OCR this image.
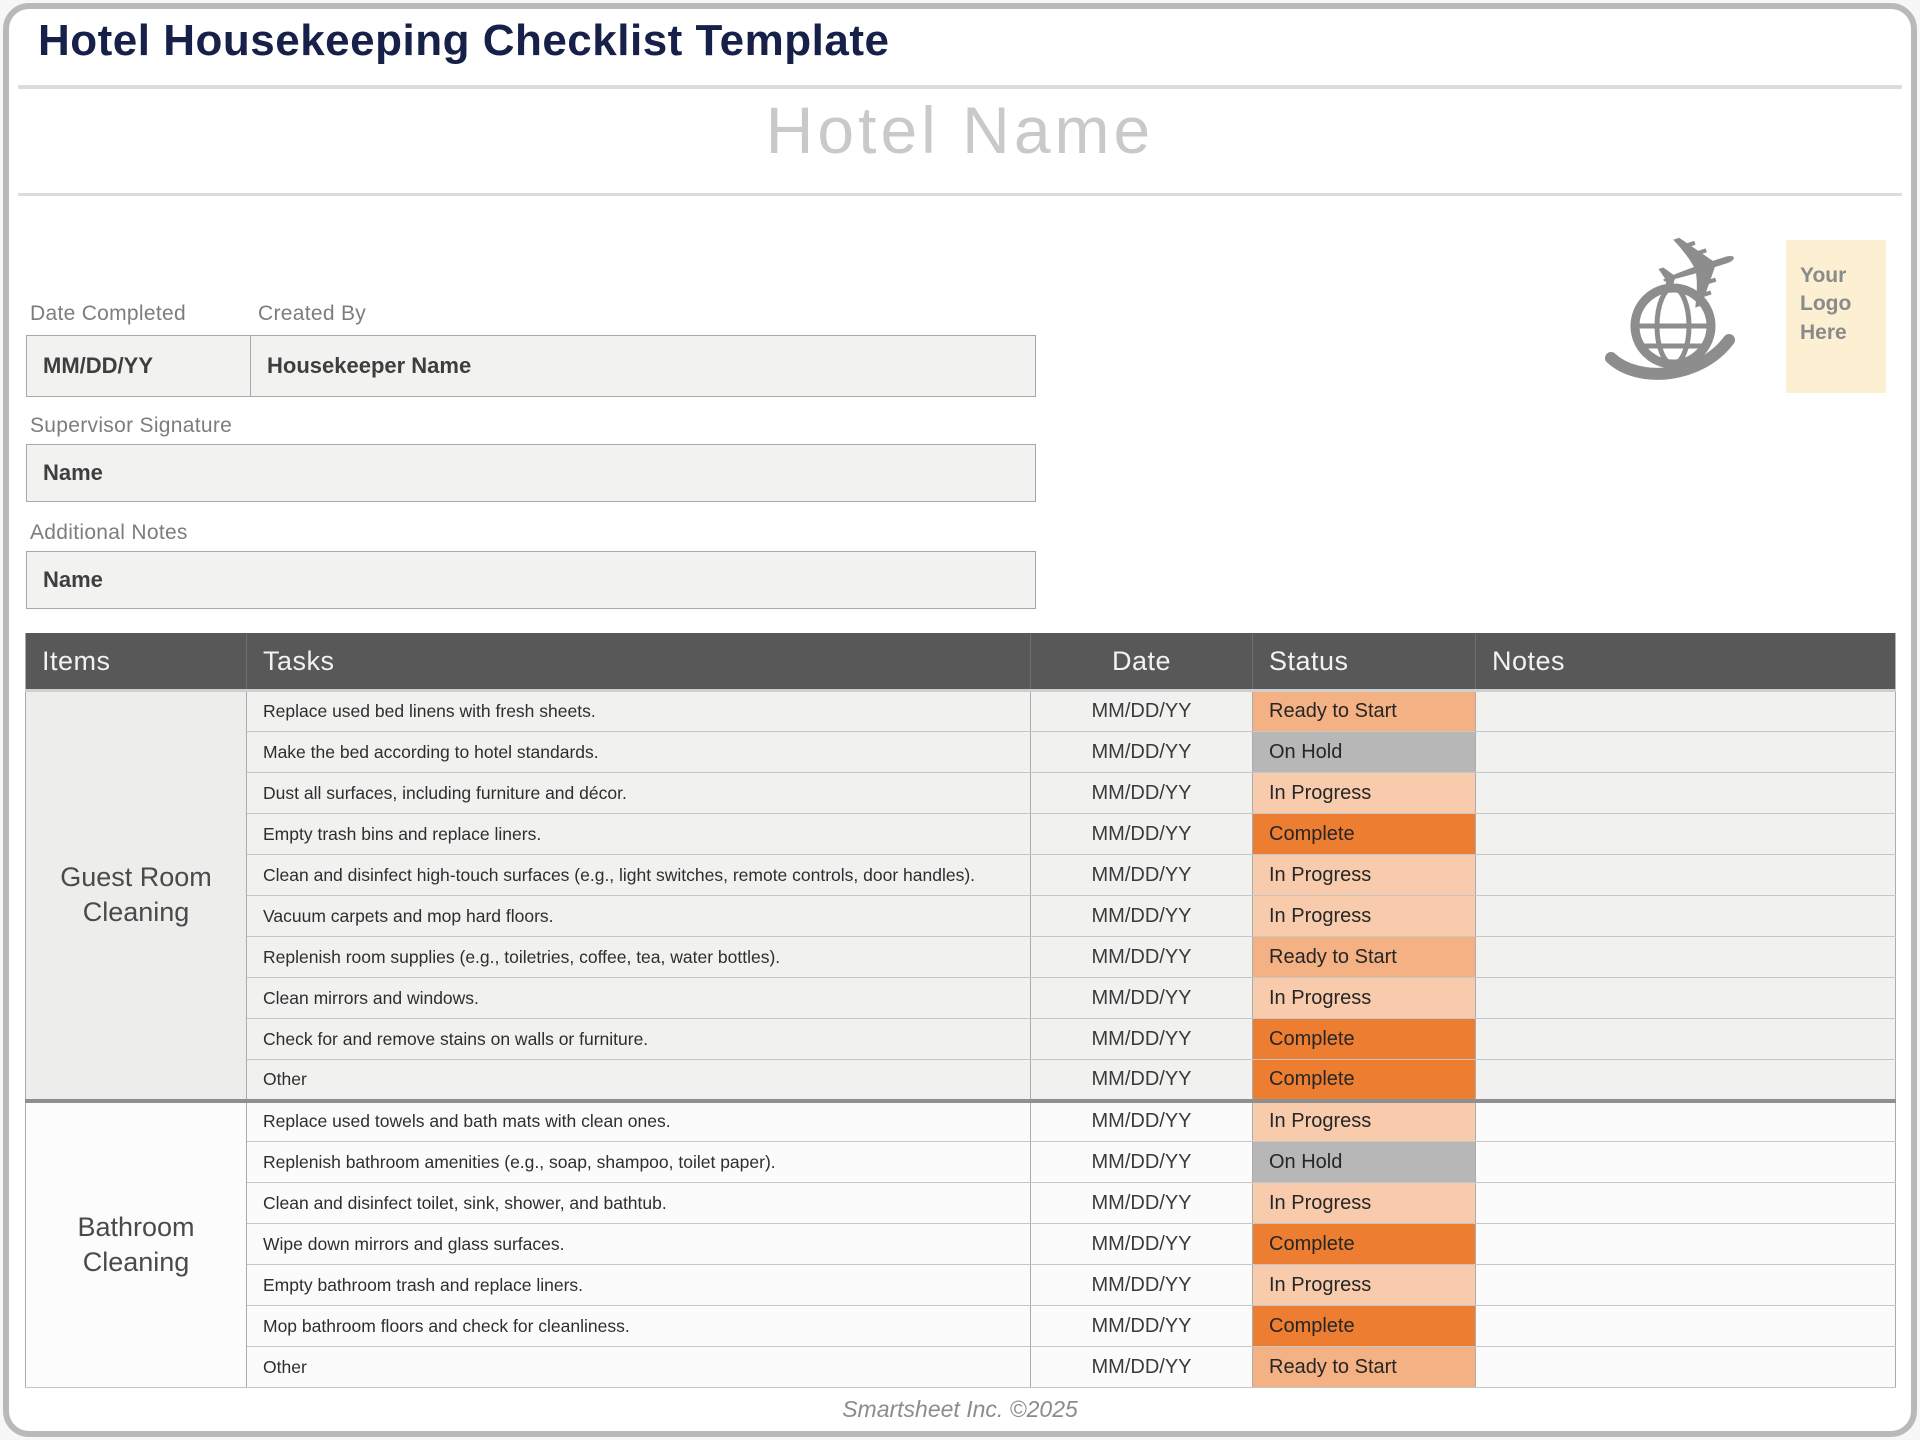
Hotel Housekeeping Checklist Template
Hotel Name
✈ Your Logo Here
Date Completed	Created By
MM/DD/YY	Housekeeper Name
Supervisor Signature
Name
Additional Notes
Name
Items	Tasks	Date	Status	Notes
Guest Room Cleaning	Replace used bed linens with fresh sheets.	MM/DD/YY	Ready to Start	
	Make the bed according to hotel standards.	MM/DD/YY	On Hold	
	Dust all surfaces, including furniture and décor.	MM/DD/YY	In Progress	
	Empty trash bins and replace liners.	MM/DD/YY	Complete	
	Clean and disinfect high-touch surfaces (e.g., light switches, remote controls, door handles).	MM/DD/YY	In Progress	
	Vacuum carpets and mop hard floors.	MM/DD/YY	In Progress	
	Replenish room supplies (e.g., toiletries, coffee, tea, water bottles).	MM/DD/YY	Ready to Start	
	Clean mirrors and windows.	MM/DD/YY	In Progress	
	Check for and remove stains on walls or furniture.	MM/DD/YY	Complete	
	Other	MM/DD/YY	Complete	
Bathroom Cleaning	Replace used towels and bath mats with clean ones.	MM/DD/YY	In Progress	
	Replenish bathroom amenities (e.g., soap, shampoo, toilet paper).	MM/DD/YY	On Hold	
	Clean and disinfect toilet, sink, shower, and bathtub.	MM/DD/YY	In Progress	
	Wipe down mirrors and glass surfaces.	MM/DD/YY	Complete	
	Empty bathroom trash and replace liners.	MM/DD/YY	In Progress	
	Mop bathroom floors and check for cleanliness.	MM/DD/YY	Complete	
	Other	MM/DD/YY	Ready to Start	
Smartsheet Inc. ©2025
